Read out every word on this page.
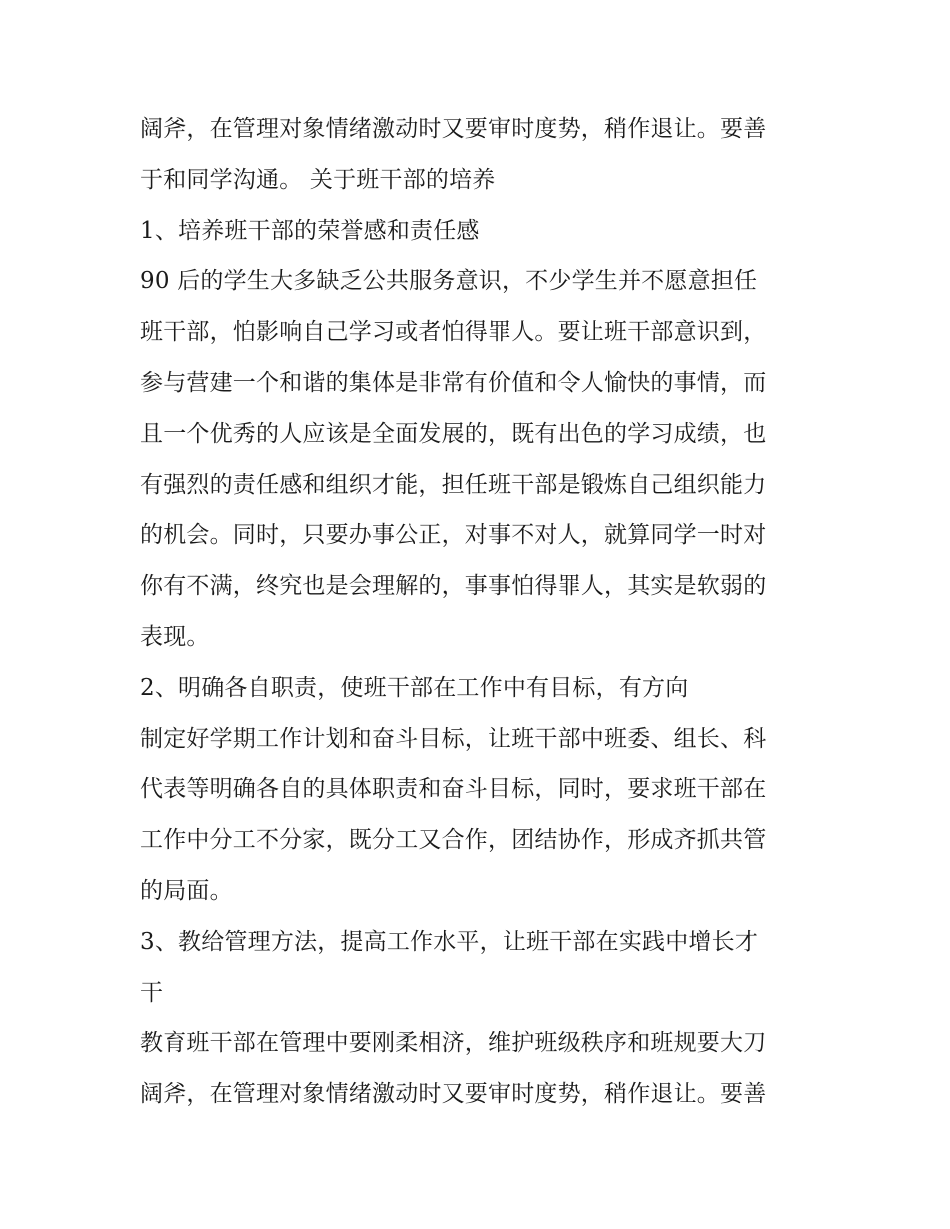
阔斧，在管理对象情绪激动时又要审时度势，稍作退让。要善
于和同学沟通。 关于班干部的培养
1、培养班干部的荣誉感和责任感
90 后的学生大多缺乏公共服务意识，不少学生并不愿意担任
班干部，怕影响自己学习或者怕得罪人。要让班干部意识到，
参与营建一个和谐的集体是非常有价值和令人愉快的事情，而
且一个优秀的人应该是全面发展的，既有出色的学习成绩，也
有强烈的责任感和组织才能，担任班干部是锻炼自己组织能力
的机会。同时，只要办事公正，对事不对人，就算同学一时对
你有不满，终究也是会理解的，事事怕得罪人，其实是软弱的
表现。
2、明确各自职责，使班干部在工作中有目标，有方向
制定好学期工作计划和奋斗目标，让班干部中班委、组长、科
代表等明确各自的具体职责和奋斗目标，同时，要求班干部在
工作中分工不分家，既分工又合作，团结协作，形成齐抓共管
的局面。
3、教给管理方法，提高工作水平，让班干部在实践中增长才
干
教育班干部在管理中要刚柔相济，维护班级秩序和班规要大刀
阔斧，在管理对象情绪激动时又要审时度势，稍作退让。要善
